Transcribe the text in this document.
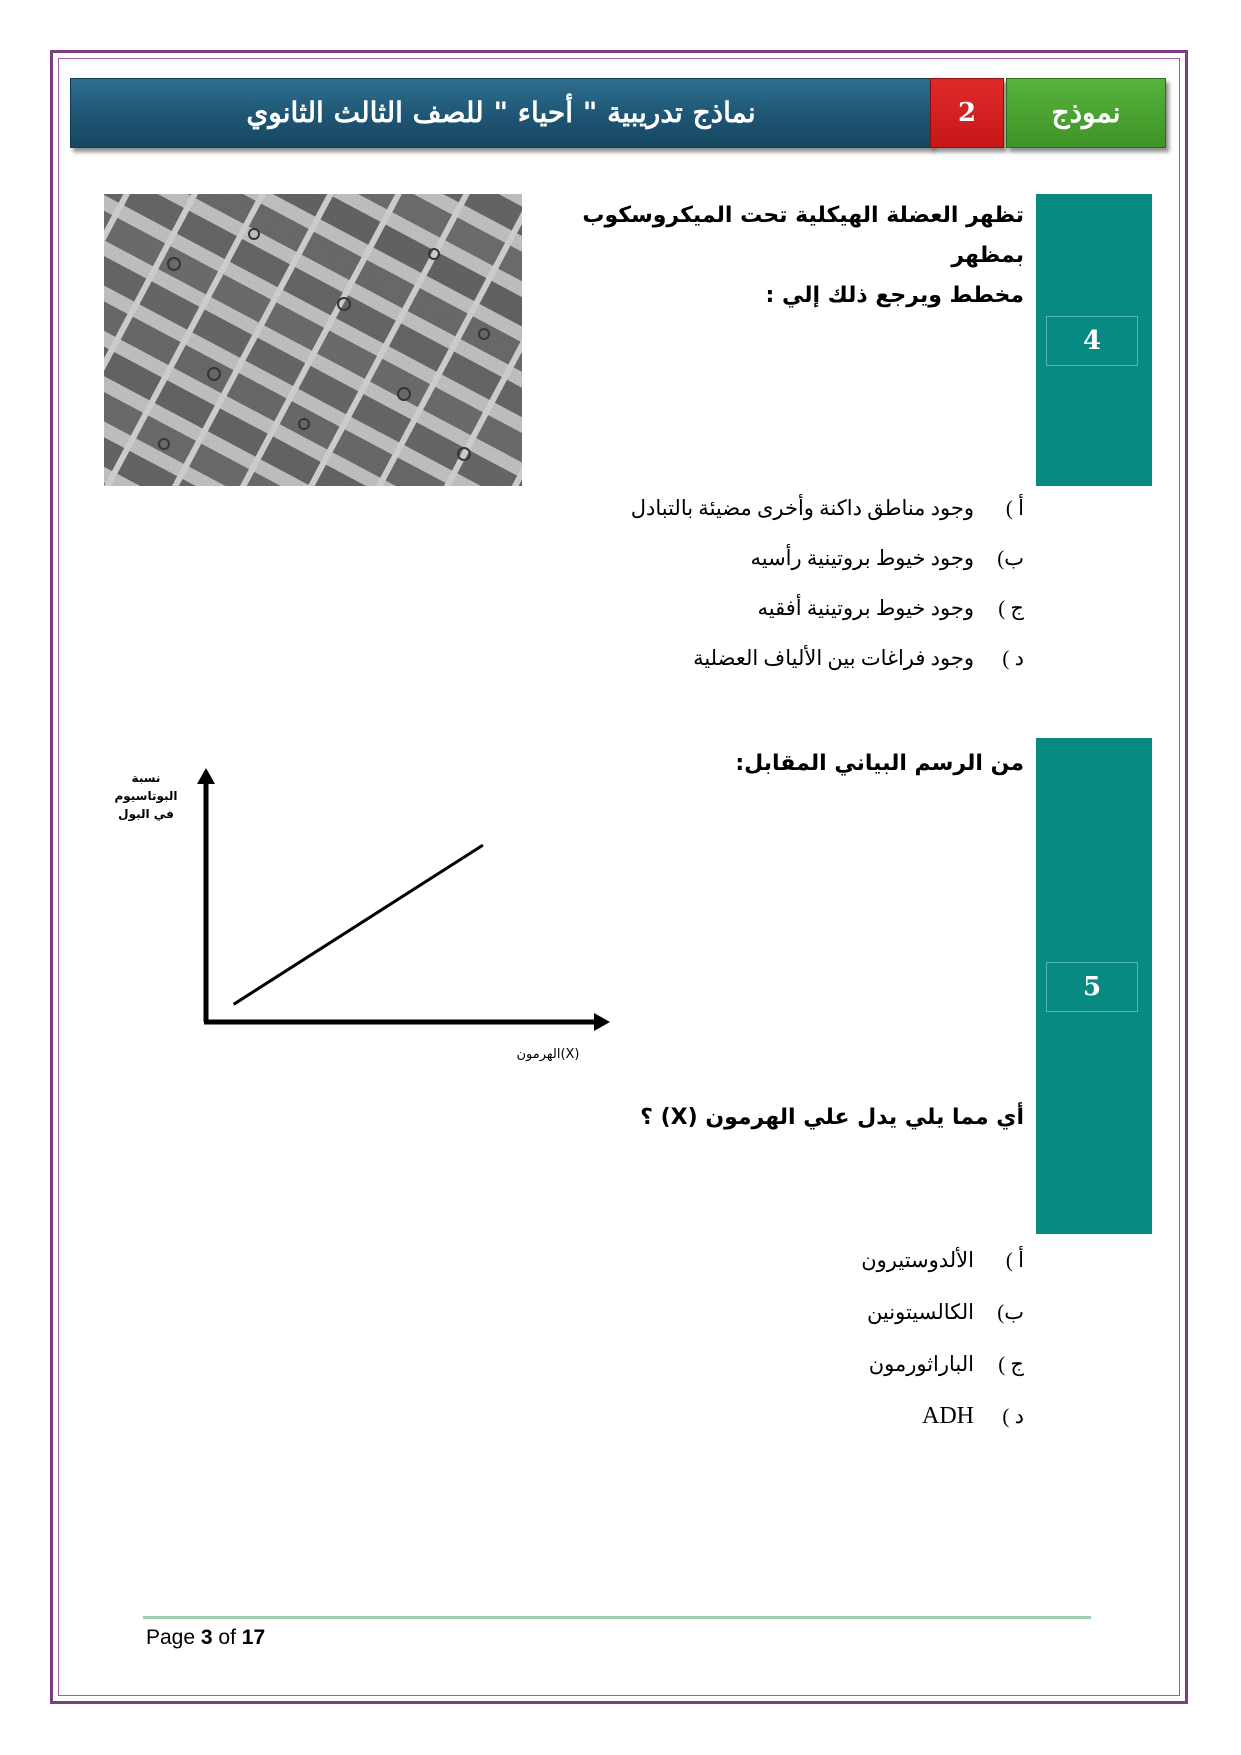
نماذج تدريبية " أحياء " للصف الثالث الثانوي	2	نموذج
4
تظهر العضلة الهيكلية تحت الميكروسكوب بمظهر
مخطط ويرجع ذلك إلي :
أ )وجود مناطق داكنة وأخرى مضيئة بالتبادل
ب)وجود خيوط بروتينية رأسيه
ج )وجود خيوط بروتينية أفقيه
د )وجود فراغات بين الألياف العضلية
5
من الرسم البياني المقابل:
نسبة
البوتاسيوم
في البول
الهرمون(X)
أي مما يلي يدل علي الهرمون (X) ؟
أ )الألدوستيرون
ب)الكالسيتونين
ج )الباراثورمون
د )ADH
Page 3 of 17
